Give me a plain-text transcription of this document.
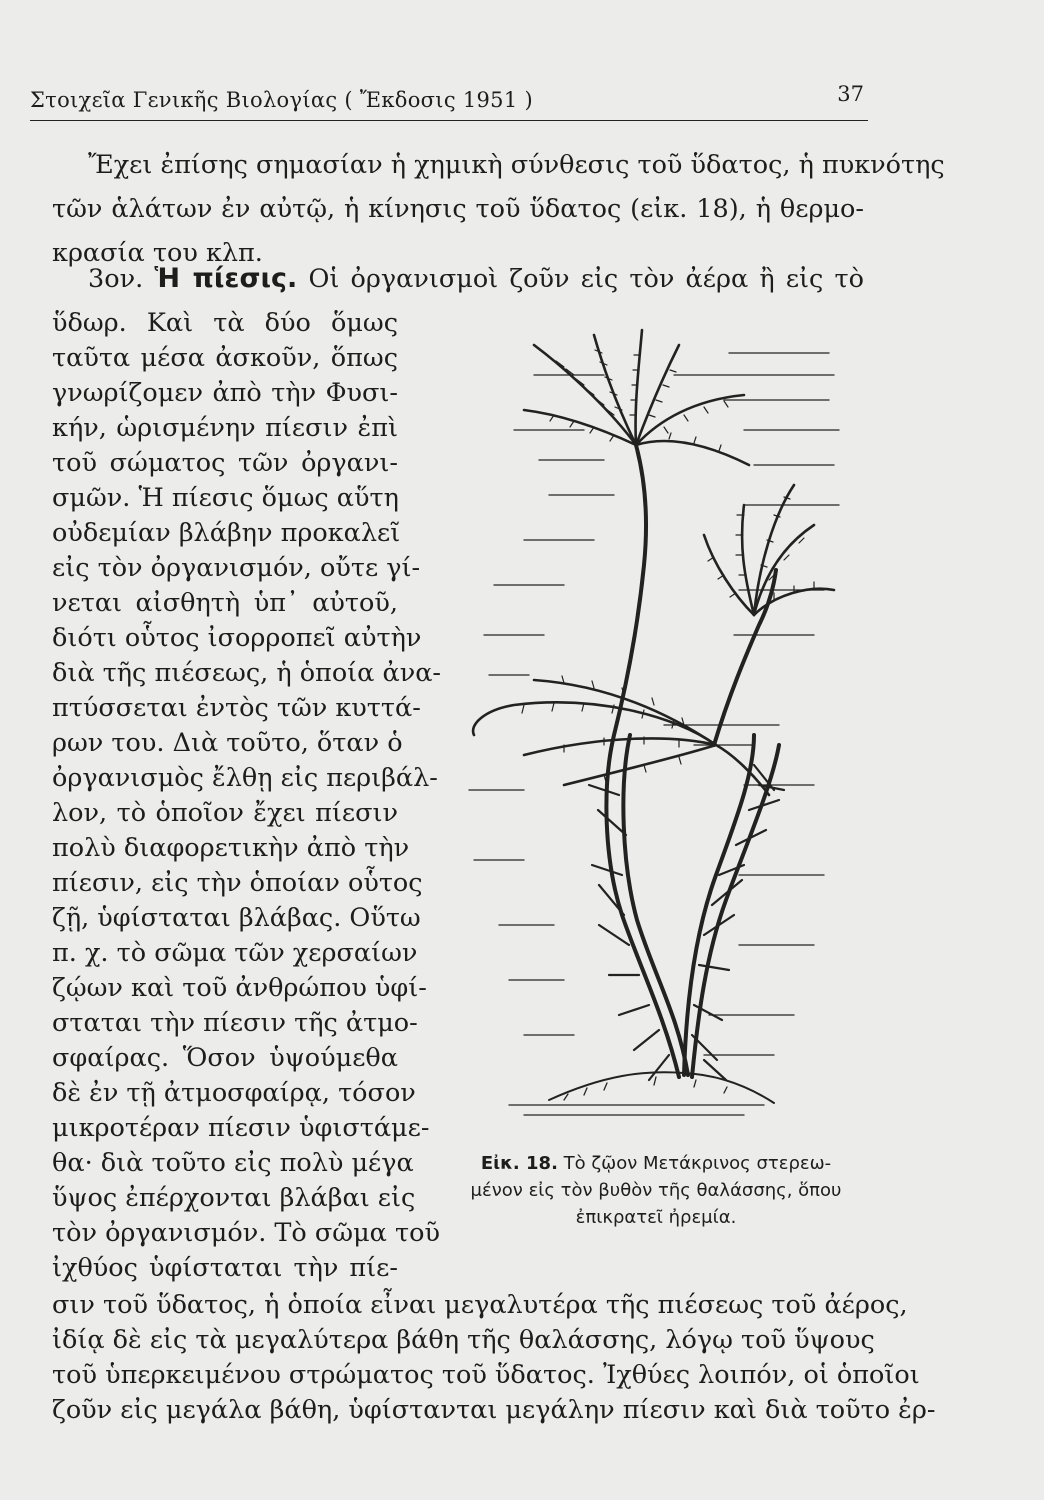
Στοιχεῖα Γενικῆς Βιολογίας ( Ἔκδοσις 1951 )	37
Ἔχει ἐπίσης σημασίαν ἡ χημικὴ σύνθεσις τοῦ ὕδατος, ἡ πυκνότης
τῶν ἁλάτων ἐν αὐτῷ, ἡ κίνησις τοῦ ὕδατος (εἰκ. 18), ἡ θερμο-
κρασία του κλπ.
3ον. Ἡ πίεσις. Οἱ ὀργανισμοὶ ζοῦν εἰς τὸν ἀέρα ἢ εἰς τὸ
ὕδωρ. Καὶ τὰ δύο ὅμως
ταῦτα μέσα ἀσκοῦν, ὅπως
γνωρίζομεν ἀπὸ τὴν Φυσι-
κήν, ὡρισμένην πίεσιν ἐπὶ
τοῦ σώματος τῶν ὀργανι-
σμῶν. Ἡ πίεσις ὅμως αὕτη
οὐδεμίαν βλάβην προκαλεῖ
εἰς τὸν ὀργανισμόν, οὔτε γί-
νεται αἰσθητὴ ὑπ᾽ αὐτοῦ,
διότι οὗτος ἰσορροπεῖ αὐτὴν
διὰ τῆς πιέσεως, ἡ ὁποία ἀνα-
πτύσσεται ἐντὸς τῶν κυττά-
ρων του. Διὰ τοῦτο, ὅταν ὁ
ὀργανισμὸς ἔλθῃ εἰς περιβάλ-
λον, τὸ ὁποῖον ἔχει πίεσιν
πολὺ διαφορετικὴν ἀπὸ τὴν
πίεσιν, εἰς τὴν ὁποίαν οὗτος
ζῇ, ὑφίσταται βλάβας. Οὕτω
π. χ. τὸ σῶμα τῶν χερσαίων
ζῴων καὶ τοῦ ἀνθρώπου ὑφί-
σταται τὴν πίεσιν τῆς ἀτμο-
σφαίρας. Ὅσον ὑψούμεθα
δὲ ἐν τῇ ἀτμοσφαίρᾳ, τόσον
μικροτέραν πίεσιν ὑφιστάμε-
θα· διὰ τοῦτο εἰς πολὺ μέγα
ὕψος ἐπέρχονται βλάβαι εἰς
τὸν ὀργανισμόν. Τὸ σῶμα τοῦ
ἰχθύος ὑφίσταται τὴν πίε-
σιν τοῦ ὕδατος, ἡ ὁποία εἶναι μεγαλυτέρα τῆς πιέσεως τοῦ ἀέρος,
ἰδίᾳ δὲ εἰς τὰ μεγαλύτερα βάθη τῆς θαλάσσης, λόγῳ τοῦ ὕψους
τοῦ ὑπερκειμένου στρώματος τοῦ ὕδατος. Ἰχθύες λοιπόν, οἱ ὁποῖοι
ζοῦν εἰς μεγάλα βάθη, ὑφίστανται μεγάλην πίεσιν καὶ διὰ τοῦτο ἐρ-
Εἰκ. 18. Τὸ ζῷον Μετάκρινος στερεω-
μένον εἰς τὸν βυθὸν τῆς θαλάσσης, ὅπου
ἐπικρατεῖ ἠρεμία.
